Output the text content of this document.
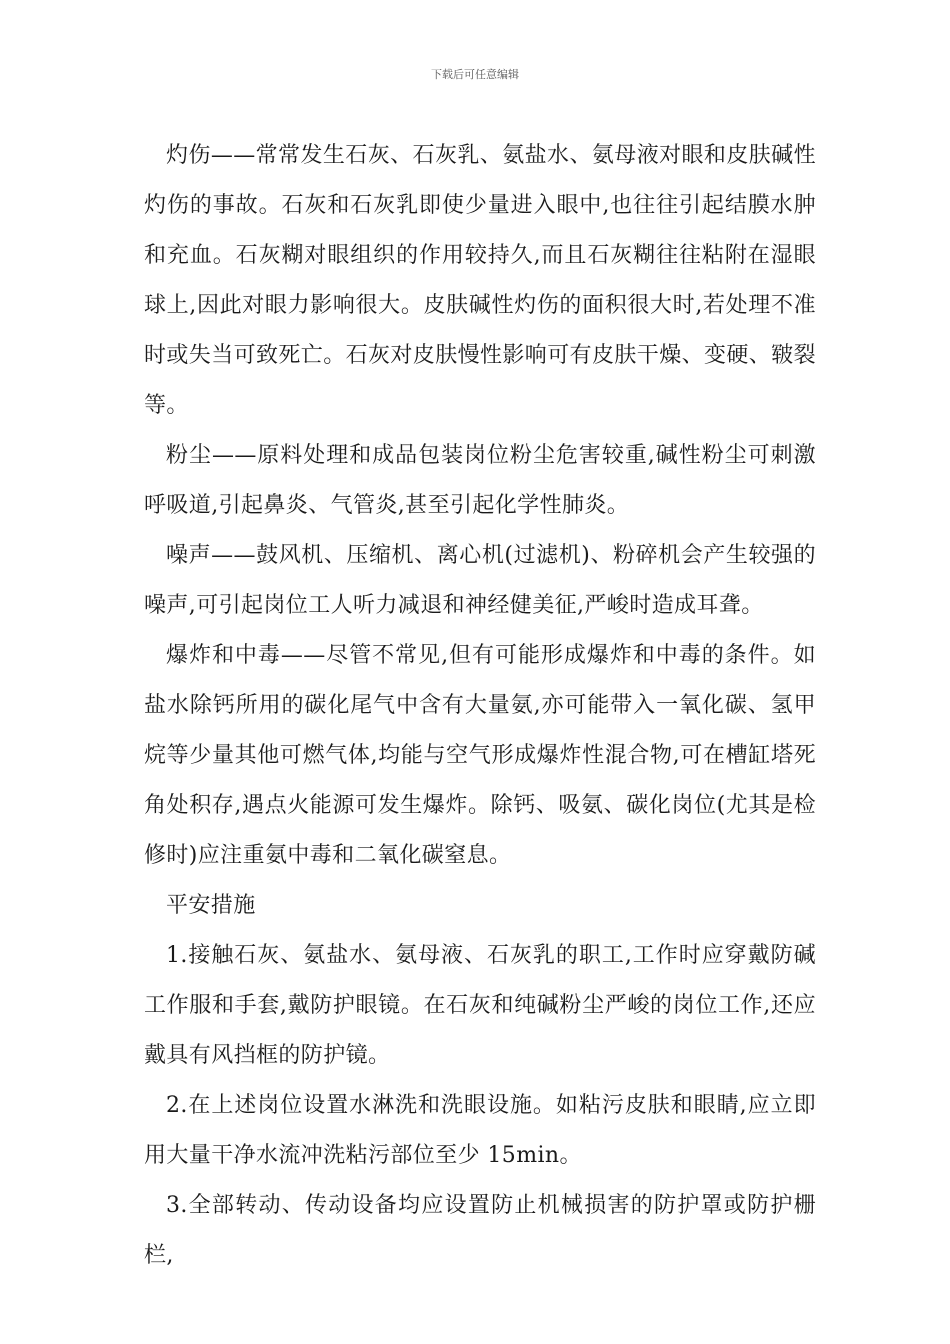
下载后可任意编辑

灼伤——常常发生石灰、石灰乳、氨盐水、氨母液对眼和皮肤碱性灼伤的事故。石灰和石灰乳即使少量进入眼中,也往往引起结膜水肿和充血。石灰糊对眼组织的作用较持久,而且石灰糊往往粘附在湿眼球上,因此对眼力影响很大。皮肤碱性灼伤的面积很大时,若处理不准时或失当可致死亡。石灰对皮肤慢性影响可有皮肤干燥、变硬、皲裂等。

粉尘——原料处理和成品包装岗位粉尘危害较重,碱性粉尘可刺激呼吸道,引起鼻炎、气管炎,甚至引起化学性肺炎。

噪声——鼓风机、压缩机、离心机(过滤机)、粉碎机会产生较强的噪声,可引起岗位工人听力减退和神经健美征,严峻时造成耳聋。

爆炸和中毒——尽管不常见,但有可能形成爆炸和中毒的条件。如盐水除钙所用的碳化尾气中含有大量氨,亦可能带入一氧化碳、氢甲烷等少量其他可燃气体,均能与空气形成爆炸性混合物,可在槽缸塔死角处积存,遇点火能源可发生爆炸。除钙、吸氨、碳化岗位(尤其是检修时)应注重氨中毒和二氧化碳窒息。

平安措施

1.接触石灰、氨盐水、氨母液、石灰乳的职工,工作时应穿戴防碱工作服和手套,戴防护眼镜。在石灰和纯碱粉尘严峻的岗位工作,还应戴具有风挡框的防护镜。

2.在上述岗位设置水淋洗和洗眼设施。如粘污皮肤和眼睛,应立即用大量干净水流冲洗粘污部位至少 15min。

3.全部转动、传动设备均应设置防止机械损害的防护罩或防护栅栏,
